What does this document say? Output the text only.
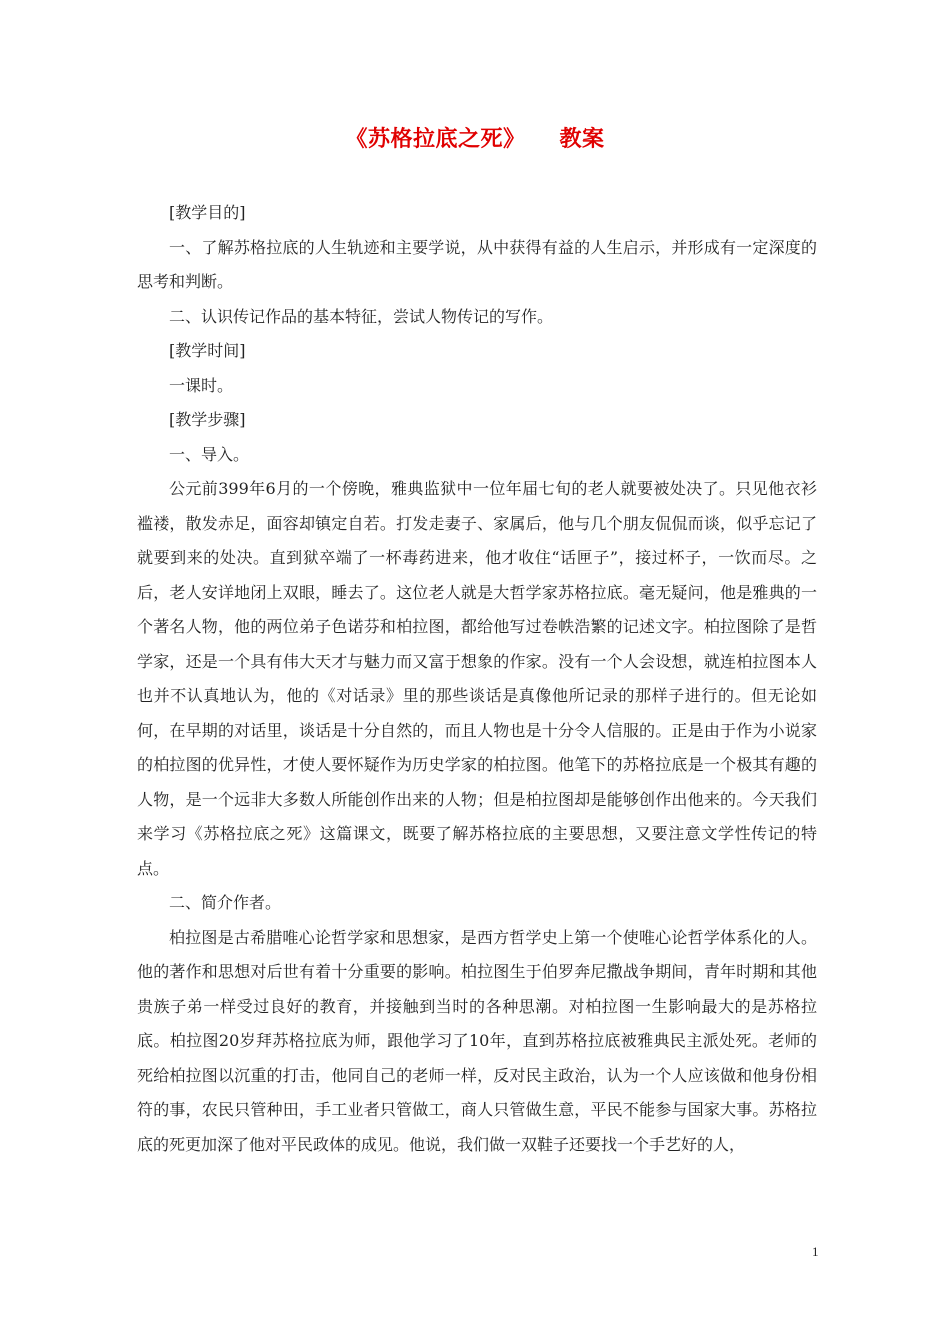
《苏格拉底之死》　　教案

[教学目的]

一、了解苏格拉底的人生轨迹和主要学说，从中获得有益的人生启示，并形成有一定深度的思考和判断。

二、认识传记作品的基本特征，尝试人物传记的写作。

[教学时间]

一课时。

[教学步骤]

一、导入。

公元前399年6月的一个傍晚，雅典监狱中一位年届七旬的老人就要被处决了。只见他衣衫褴褛，散发赤足，面容却镇定自若。打发走妻子、家属后，他与几个朋友侃侃而谈，似乎忘记了就要到来的处决。直到狱卒端了一杯毒药进来，他才收住“话匣子”，接过杯子，一饮而尽。之后，老人安详地闭上双眼，睡去了。这位老人就是大哲学家苏格拉底。毫无疑问，他是雅典的一个著名人物，他的两位弟子色诺芬和柏拉图，都给他写过卷帙浩繁的记述文字。柏拉图除了是哲学家，还是一个具有伟大天才与魅力而又富于想象的作家。没有一个人会设想，就连柏拉图本人也并不认真地认为，他的《对话录》里的那些谈话是真像他所记录的那样子进行的。但无论如何，在早期的对话里，谈话是十分自然的，而且人物也是十分令人信服的。正是由于作为小说家的柏拉图的优异性，才使人要怀疑作为历史学家的柏拉图。他笔下的苏格拉底是一个极其有趣的人物，是一个远非大多数人所能创作出来的人物；但是柏拉图却是能够创作出他来的。今天我们来学习《苏格拉底之死》这篇课文，既要了解苏格拉底的主要思想，又要注意文学性传记的特点。

二、简介作者。

柏拉图是古希腊唯心论哲学家和思想家，是西方哲学史上第一个使唯心论哲学体系化的人。他的著作和思想对后世有着十分重要的影响。柏拉图生于伯罗奔尼撒战争期间，青年时期和其他贵族子弟一样受过良好的教育，并接触到当时的各种思潮。对柏拉图一生影响最大的是苏格拉底。柏拉图20岁拜苏格拉底为师，跟他学习了10年，直到苏格拉底被雅典民主派处死。老师的死给柏拉图以沉重的打击，他同自己的老师一样，反对民主政治，认为一个人应该做和他身份相符的事，农民只管种田，手工业者只管做工，商人只管做生意，平民不能参与国家大事。苏格拉底的死更加深了他对平民政体的成见。他说，我们做一双鞋子还要找一个手艺好的人，

1
